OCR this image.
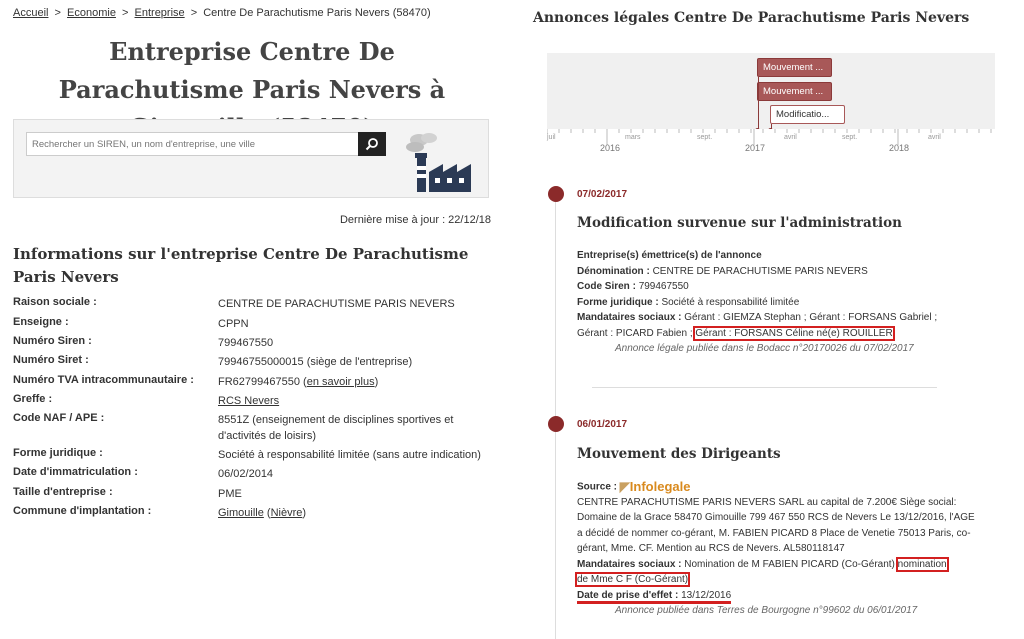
Accueil > Economie > Entreprise > Centre De Parachutisme Paris Nevers (58470)
Entreprise Centre De Parachutisme Paris Nevers à
Rechercher un SIREN, un nom d'entreprise, une ville
Dernière mise à jour : 22/12/18
Informations sur l'entreprise Centre De Parachutisme Paris Nevers
Raison sociale :	CENTRE DE PARACHUTISME PARIS NEVERS
Enseigne :	CPPN
Numéro Siren :	799467550
Numéro Siret :	79946755000015 (siège de l'entreprise)
Numéro TVA intracommunautaire : FR62799467550 (en savoir plus)
Greffe :	RCS Nevers
Code NAF / APE :	8551Z (enseignement de disciplines sportives et d'activités de loisirs)
Forme juridique :	Société à responsabilité limitée (sans autre indication)
Date d'immatriculation :	06/02/2014
Taille d'entreprise :	PME
Commune d'implantation :	Gimouille (Nièvre)
Annonces légales Centre De Parachutisme Paris Nevers
Mouvement ...
Mouvement ...
Modificatio...
juil	mars	sept.	avril	sept.	avril
2016	2017	2018
07/02/2017
Modification survenue sur l'administration
Entreprise(s) émettrice(s) de l'annonce
Dénomination : CENTRE DE PARACHUTISME PARIS NEVERS
Code Siren : 799467550
Forme juridique : Société à responsabilité limitée
Mandataires sociaux : Gérant : GIEMZA Stephan ; Gérant : FORSANS Gabriel ;
Gérant : PICARD Fabien ; Gérant : FORSANS Céline né(e) ROUILLER
Annonce légale publiée dans le Bodacc n°20170026 du 07/02/2017
06/01/2017
Mouvement des Dirigeants
Source : ◤Infolegale
CENTRE PARACHUTISME PARIS NEVERS SARL au capital de 7.200€ Siège social: Domaine de la Grace 58470 Gimouille 799 467 550 RCS de Nevers Le 13/12/2016, l'AGE a décidé de nommer co-gérant, M. FABIEN PICARD 8 Place de Venetie 75013 Paris, co-gérant, Mme. CF. Mention au RCS de Nevers. AL580118147
Mandataires sociaux : Nomination de M FABIEN PICARD (Co-Gérant) nomination
de Mme C F (Co-Gérant)
Date de prise d'effet : 13/12/2016
Annonce publiée dans Terres de Bourgogne n°99602 du 06/01/2017
